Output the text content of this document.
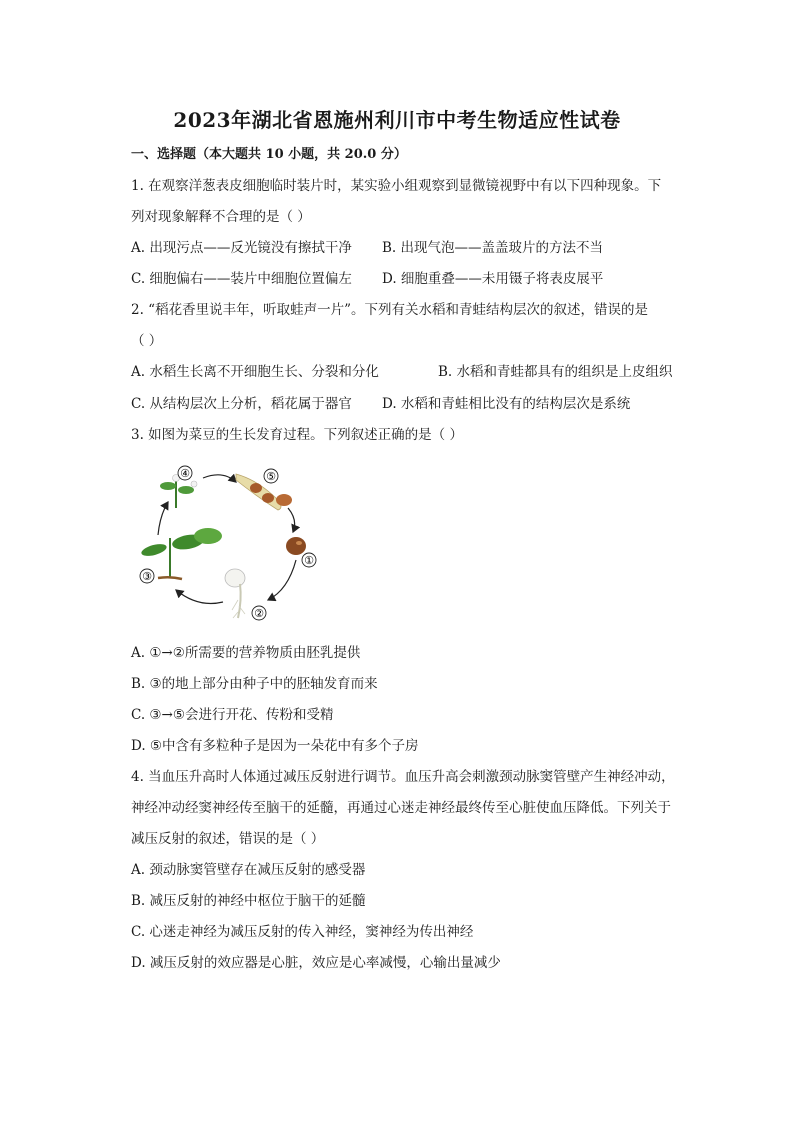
2023年湖北省恩施州利川市中考生物适应性试卷
一、选择题（本大题共 10 小题，共 20.0 分）
1. 在观察洋葱表皮细胞临时装片时，某实验小组观察到显微镜视野中有以下四种现象。下
列对现象解释不合理的是（ ）
A. 出现污点——反光镜没有擦拭干净 B. 出现气泡——盖盖玻片的方法不当
C. 细胞偏右——装片中细胞位置偏左 D. 细胞重叠——未用镊子将表皮展平
2. “稻花香里说丰年，听取蛙声一片”。下列有关水稻和青蛙结构层次的叙述，错误的是
（ ）
A. 水稻生长离不开细胞生长、分裂和分化	B. 水稻和青蛙都具有的组织是上皮组织
C. 从结构层次上分析，稻花属于器官 D. 水稻和青蛙相比没有的结构层次是系统
3. 如图为菜豆的生长发育过程。下列叙述正确的是（ ）
④	⑤
①
②
③
A. ①→②所需要的营养物质由胚乳提供
B. ③的地上部分由种子中的胚轴发育而来
C. ③→⑤会进行开花、传粉和受精
D. ⑤中含有多粒种子是因为一朵花中有多个子房
4. 当血压升高时人体通过减压反射进行调节。血压升高会刺激颈动脉窦管壁产生神经冲动，
神经冲动经窦神经传至脑干的延髓，再通过心迷走神经最终传至心脏使血压降低。下列关于
减压反射的叙述，错误的是（ ）
A. 颈动脉窦管壁存在减压反射的感受器
B. 减压反射的神经中枢位于脑干的延髓
C. 心迷走神经为减压反射的传入神经，窦神经为传出神经
D. 减压反射的效应器是心脏，效应是心率减慢，心输出量减少
